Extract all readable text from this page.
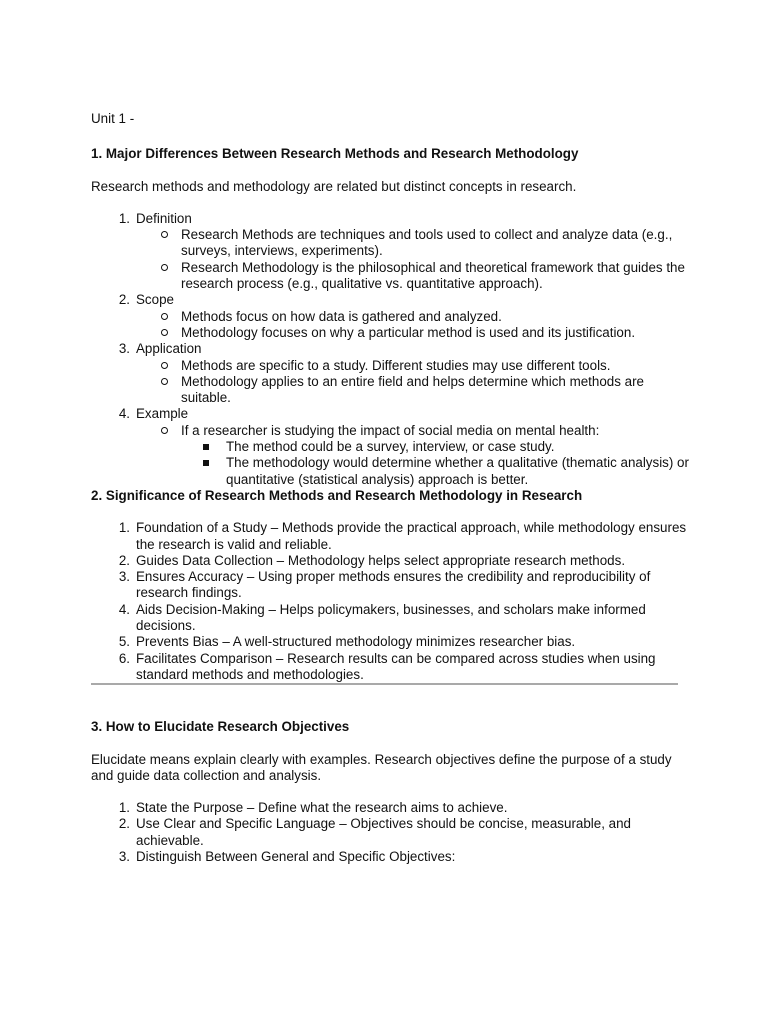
Unit 1 -

1. Major Differences Between Research Methods and Research Methodology

Research methods and methodology are related but distinct concepts in research.

1. Definition
Research Methods are techniques and tools used to collect and analyze data (e.g., surveys, interviews, experiments).
Research Methodology is the philosophical and theoretical framework that guides the research process (e.g., qualitative vs. quantitative approach).
2. Scope
Methods focus on how data is gathered and analyzed.
Methodology focuses on why a particular method is used and its justification.
3. Application
Methods are specific to a study. Different studies may use different tools.
Methodology applies to an entire field and helps determine which methods are suitable.
4. Example
If a researcher is studying the impact of social media on mental health:
The method could be a survey, interview, or case study.
The methodology would determine whether a qualitative (thematic analysis) or quantitative (statistical analysis) approach is better.

2. Significance of Research Methods and Research Methodology in Research

1. Foundation of a Study – Methods provide the practical approach, while methodology ensures the research is valid and reliable.
2. Guides Data Collection – Methodology helps select appropriate research methods.
3. Ensures Accuracy – Using proper methods ensures the credibility and reproducibility of research findings.
4. Aids Decision-Making – Helps policymakers, businesses, and scholars make informed decisions.
5. Prevents Bias – A well-structured methodology minimizes researcher bias.
6. Facilitates Comparison – Research results can be compared across studies when using standard methods and methodologies.

3. How to Elucidate Research Objectives

Elucidate means explain clearly with examples. Research objectives define the purpose of a study and guide data collection and analysis.

1. State the Purpose – Define what the research aims to achieve.
2. Use Clear and Specific Language – Objectives should be concise, measurable, and achievable.
3. Distinguish Between General and Specific Objectives:
